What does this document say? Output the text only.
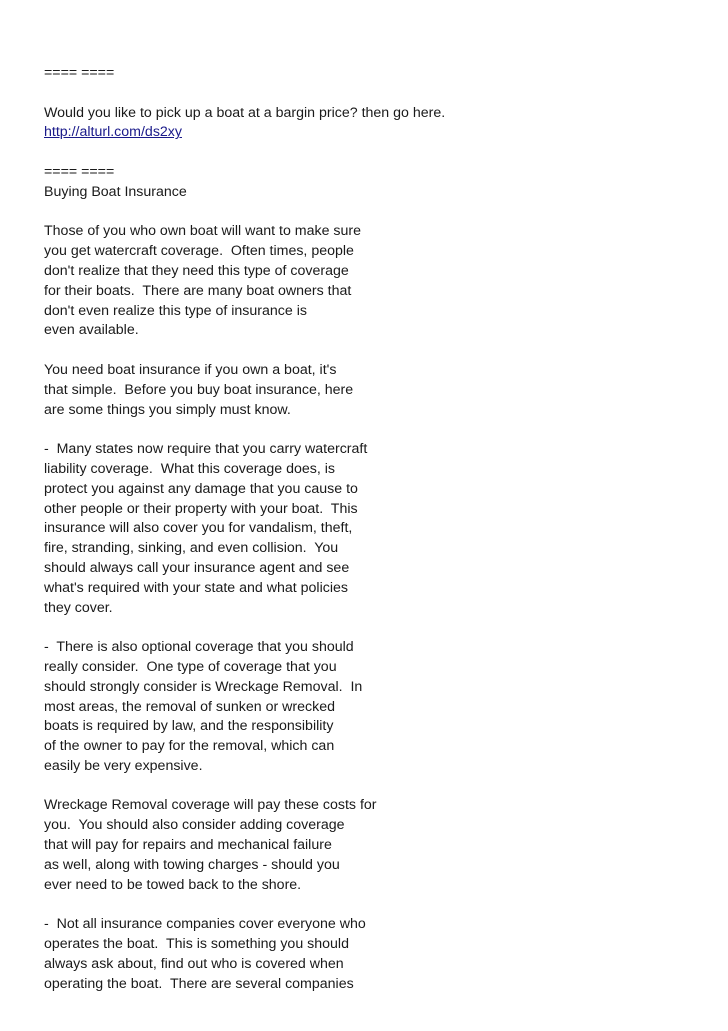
==== ====
Would you like to pick up a boat at a bargin price? then go here.
http://alturl.com/ds2xy
==== ====
Buying Boat Insurance
Those of you who own boat will want to make sure
you get watercraft coverage.  Often times, people
don't realize that they need this type of coverage
for their boats.  There are many boat owners that
don't even realize this type of insurance is
even available.
You need boat insurance if you own a boat, it's
that simple.  Before you buy boat insurance, here
are some things you simply must know.
-  Many states now require that you carry watercraft
liability coverage.  What this coverage does, is
protect you against any damage that you cause to
other people or their property with your boat.  This
insurance will also cover you for vandalism, theft,
fire, stranding, sinking, and even collision.  You
should always call your insurance agent and see
what's required with your state and what policies
they cover.
-  There is also optional coverage that you should
really consider.  One type of coverage that you
should strongly consider is Wreckage Removal.  In
most areas, the removal of sunken or wrecked
boats is required by law, and the responsibility
of the owner to pay for the removal, which can
easily be very expensive.
Wreckage Removal coverage will pay these costs for
you.  You should also consider adding coverage
that will pay for repairs and mechanical failure
as well, along with towing charges - should you
ever need to be towed back to the shore.
-  Not all insurance companies cover everyone who
operates the boat.  This is something you should
always ask about, find out who is covered when
operating the boat.  There are several companies
